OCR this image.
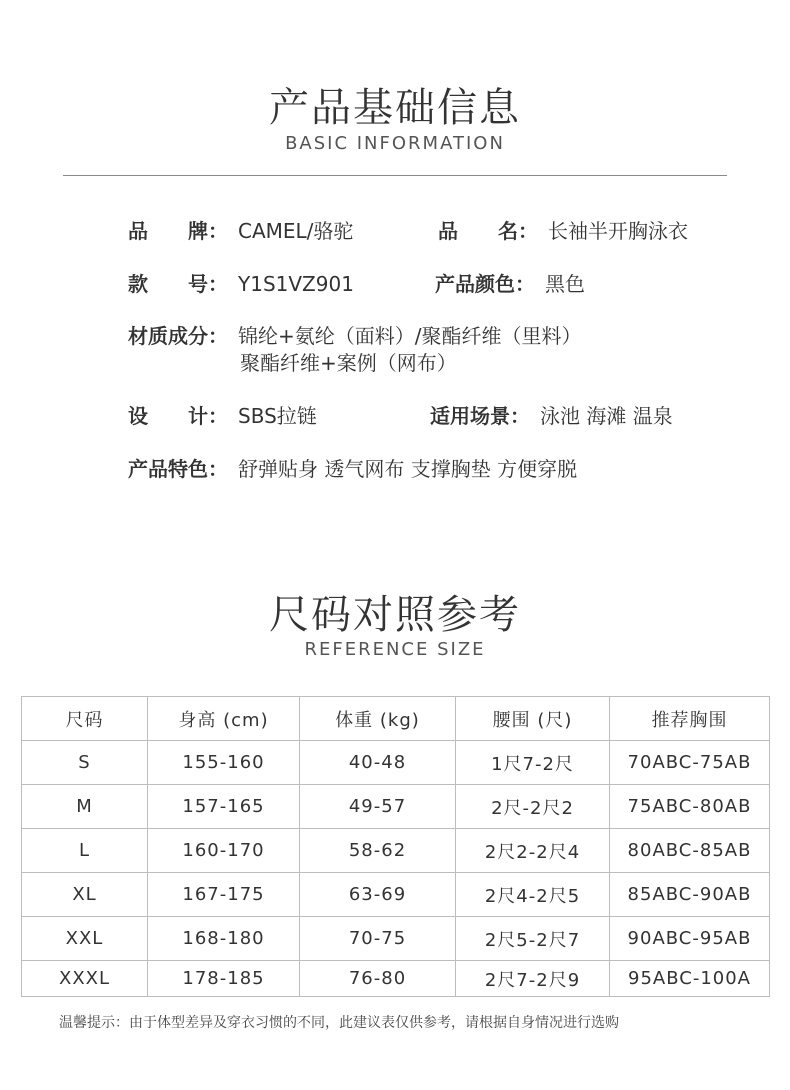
产品基础信息
BASIC INFORMATION
品 牌： CAMEL/骆驼	品 名： 长袖半开胸泳衣
款 号： Y1S1VZ901	产品颜色： 黑色
材质成分： 锦纶+氨纶（面料）/聚酯纤维（里料）
聚酯纤维+案例（网布）
设 计： SBS拉链	适用场景： 泳池 海滩 温泉
产品特色： 舒弹贴身 透气网布 支撑胸垫 方便穿脱
尺码对照参考
REFERENCE SIZE
尺码	身高 (cm)	体重 (kg)	腰围 (尺)	推荐胸围
S	155-160	40-48	1尺7-2尺	70ABC-75AB
M	157-165	49-57	2尺-2尺2	75ABC-80AB
L	160-170	58-62	2尺2-2尺4	80ABC-85AB
XL	167-175	63-69	2尺4-2尺5	85ABC-90AB
XXL	168-180	70-75	2尺5-2尺7	90ABC-95AB
XXXL	178-185	76-80	2尺7-2尺9	95ABC-100A
温馨提示：由于体型差异及穿衣习惯的不同，此建议表仅供参考，请根据自身情况进行选购
